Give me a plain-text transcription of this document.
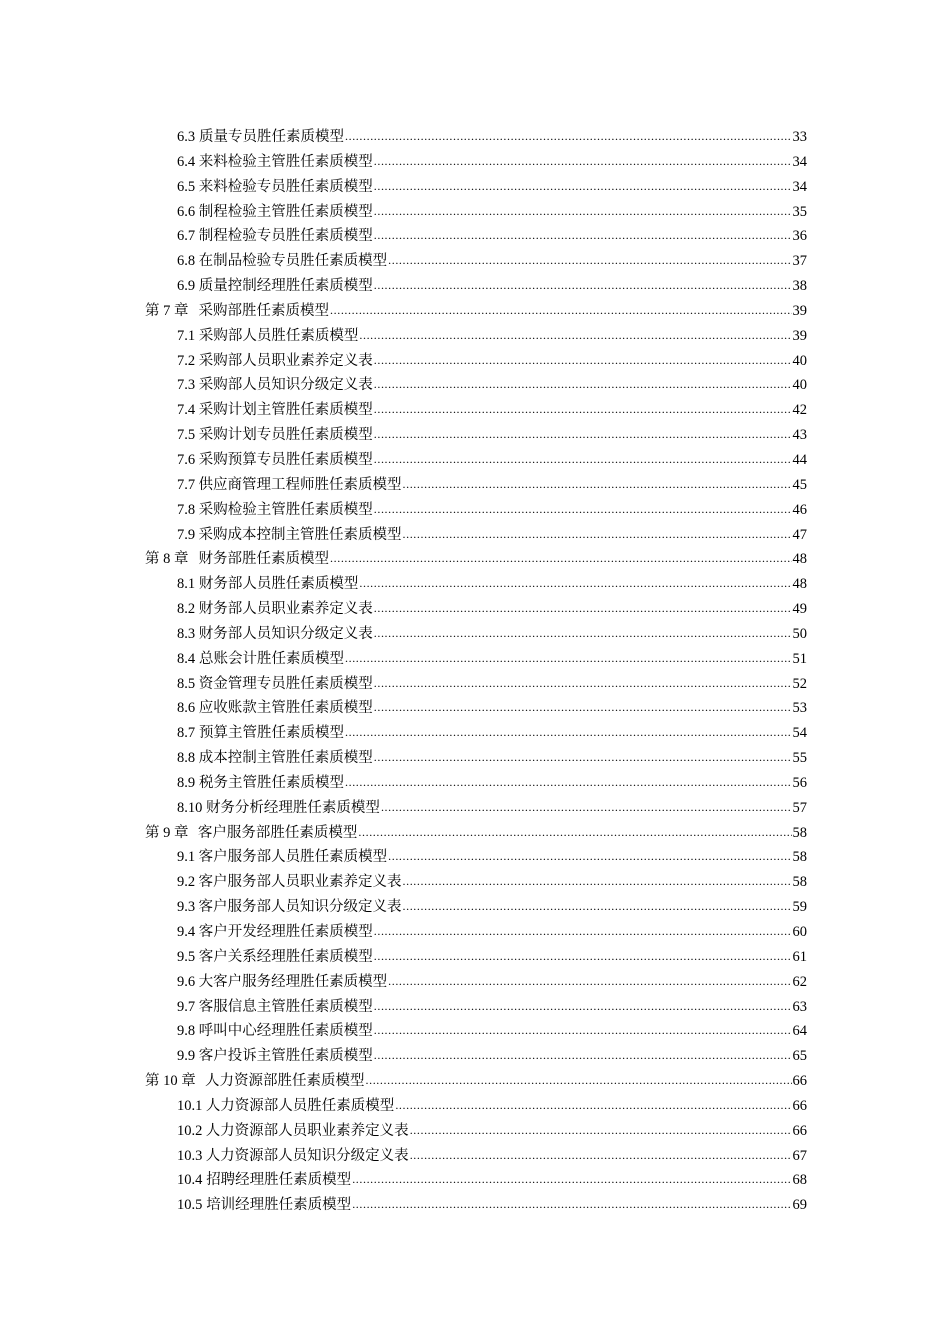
6.3 质量专员胜任素质模型 .....	33
6.4 来料检验主管胜任素质模型 .....	34
6.5 来料检验专员胜任素质模型 .....	34
6.6 制程检验主管胜任素质模型 .....	35
6.7 制程检验专员胜任素质模型 .....	36
6.8 在制品检验专员胜任素质模型 .....	37
6.9 质量控制经理胜任素质模型 .....	38
第 7 章 采购部胜任素质模型 .....	39
7.1 采购部人员胜任素质模型 .....	39
7.2 采购部人员职业素养定义表 .....	40
7.3 采购部人员知识分级定义表 .....	40
7.4 采购计划主管胜任素质模型 .....	42
7.5 采购计划专员胜任素质模型 .....	43
7.6 采购预算专员胜任素质模型 .....	44
7.7 供应商管理工程师胜任素质模型 .....	45
7.8 采购检验主管胜任素质模型 .....	46
7.9 采购成本控制主管胜任素质模型 .....	47
第 8 章 财务部胜任素质模型 .....	48
8.1 财务部人员胜任素质模型 .....	48
8.2 财务部人员职业素养定义表 .....	49
8.3 财务部人员知识分级定义表 .....	50
8.4 总账会计胜任素质模型 .....	51
8.5 资金管理专员胜任素质模型 .....	52
8.6 应收账款主管胜任素质模型 .....	53
8.7 预算主管胜任素质模型 .....	54
8.8 成本控制主管胜任素质模型 .....	55
8.9 税务主管胜任素质模型 .....	56
8.10 财务分析经理胜任素质模型 .....	57
第 9 章 客户服务部胜任素质模型 .....	58
9.1 客户服务部人员胜任素质模型 .....	58
9.2 客户服务部人员职业素养定义表 .....	58
9.3 客户服务部人员知识分级定义表 .....	59
9.4 客户开发经理胜任素质模型 .....	60
9.5 客户关系经理胜任素质模型 .....	61
9.6 大客户服务经理胜任素质模型 .....	62
9.7 客服信息主管胜任素质模型 .....	63
9.8 呼叫中心经理胜任素质模型 .....	64
9.9 客户投诉主管胜任素质模型 .....	65
第 10 章 人力资源部胜任素质模型 .....	66
10.1 人力资源部人员胜任素质模型 .....	66
10.2 人力资源部人员职业素养定义表 .....	66
10.3 人力资源部人员知识分级定义表 .....	67
10.4 招聘经理胜任素质模型 .....	68
10.5 培训经理胜任素质模型 .....	69
